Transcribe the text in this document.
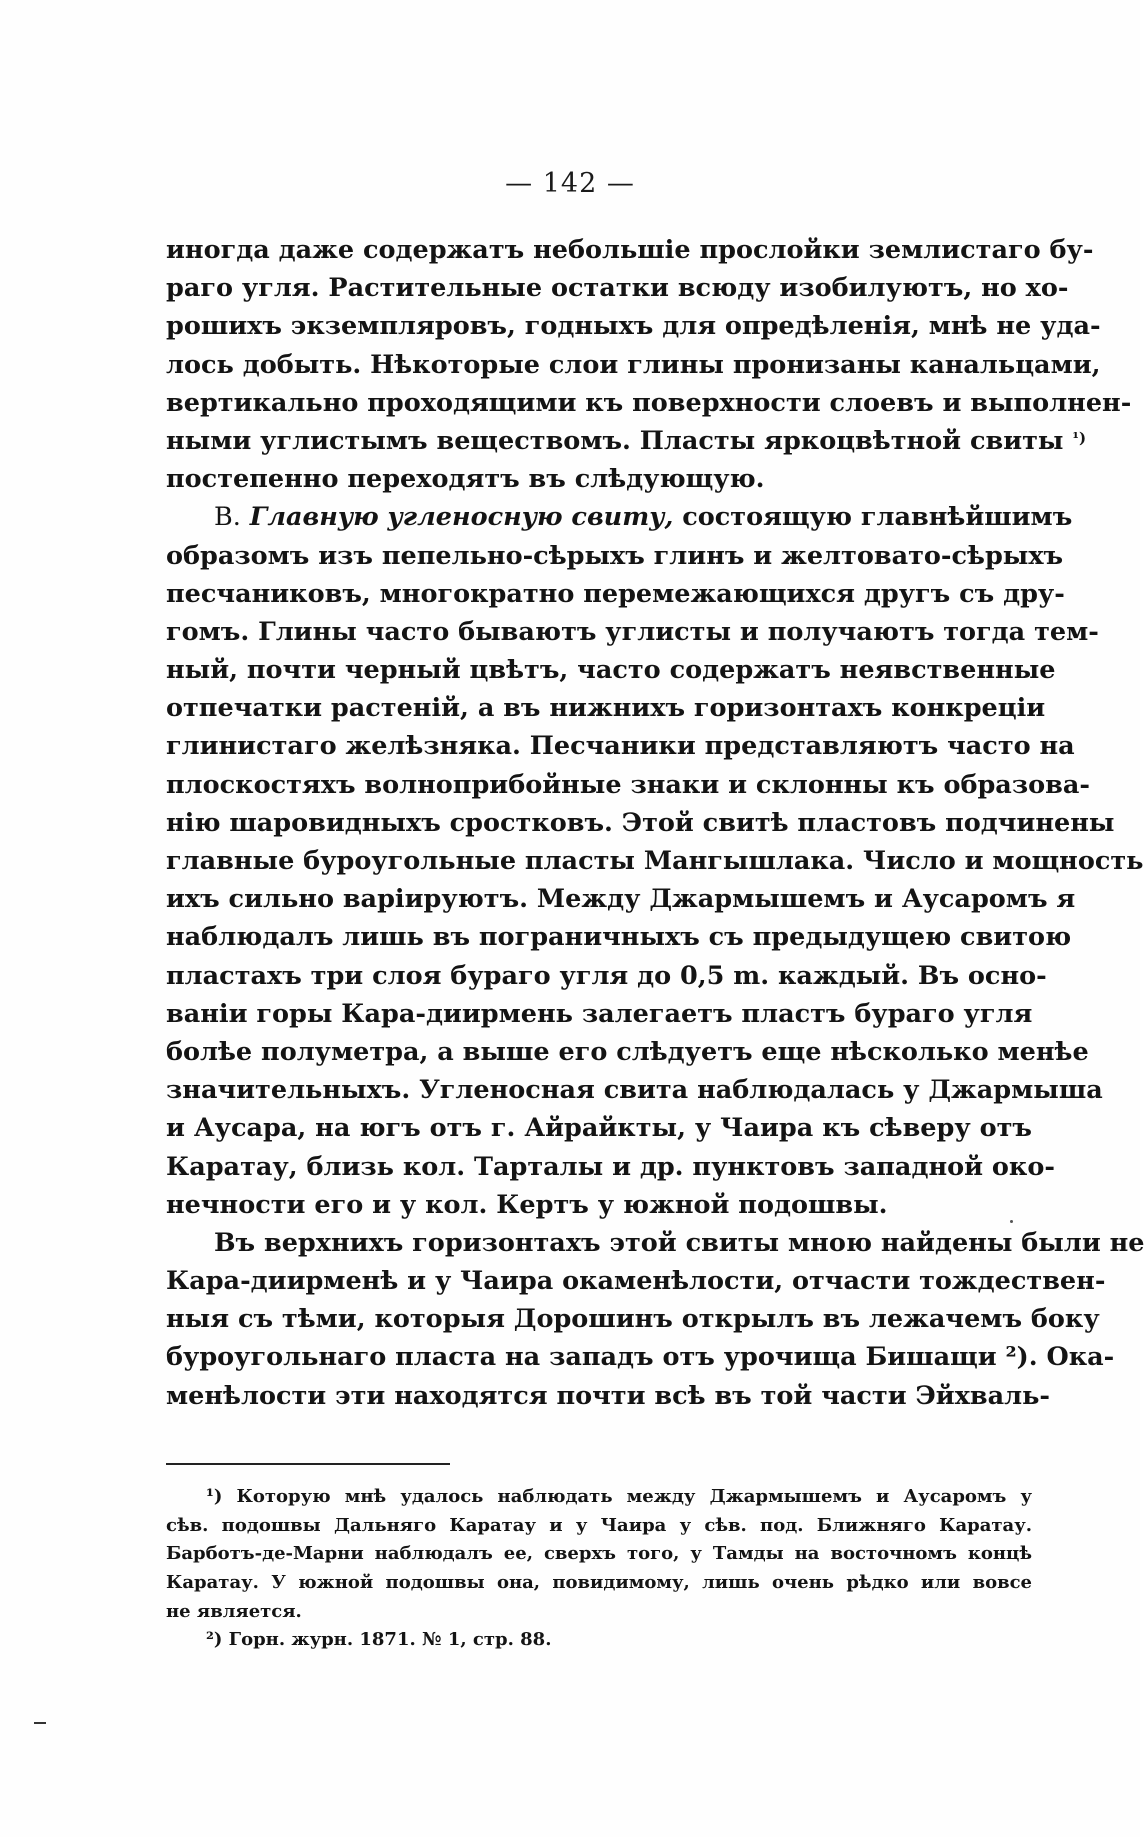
— 142 —
иногда даже содержатъ небольшiе прослойки землистаго бу-
раго угля. Растительные остатки всюду изобилуютъ, но хо-
рошихъ экземпляровъ, годныхъ для опредѣленiя, мнѣ не уда-
лось добыть. Нѣкоторые слои глины пронизаны канальцами,
вертикально проходящими къ поверхности слоевъ и выполнен-
ными углистымъ веществомъ. Пласты яркоцвѣтной свиты $^{^1)}$
постепенно переходятъ въ слѣдующую.
B. Главную угленосную свиту, состоящую главнѣйшимъ
образомъ изъ пепельно-сѣрыхъ глинъ и желтовато-сѣрыхъ
песчаниковъ, многократно перемежающихся другъ съ дру-
гомъ. Глины часто бываютъ углисты и получаютъ тогда тем-
ный, почти черный цвѣтъ, часто содержатъ неявственные
отпечатки растенiй, а въ нижнихъ горизонтахъ конкрецiи
глинистаго желѣзняка. Песчаники представляютъ часто на
плоскостяхъ волноприбойные знаки и склонны къ образова-
нiю шаровидныхъ сростковъ. Этой свитѣ пластовъ подчинены
главные буроугольные пласты Мангышлака. Число и мощность
ихъ сильно варiируютъ. Между Джармышемъ и Аусаромъ я
наблюдалъ лишь въ пограничныхъ съ предыдущею свитою
пластахъ три слоя бураго угля до 0,5 m. каждый. Въ осно-
ванiи горы Кара-диирмень залегаетъ пластъ бураго угля
болѣе полуметра, а выше его слѣдуетъ еще нѣсколько менѣе
значительныхъ. Угленосная свита наблюдалась у Джармыша
и Аусара, на югъ отъ г. Айрайкты, у Чаира къ сѣверу отъ
Каратау, близь кол. Тарталы и др. пунктовъ западной око-
нечности его и у кол. Кертъ у южной подошвы.
Въ верхнихъ горизонтахъ этой свиты мною найдены были не
Кара-диирменѣ и у Чаира окаменѣлости, отчасти тождествен-
ныя съ тѣми, которыя Дорошинъ открылъ въ лежачемъ боку
буроугольнаго пласта на западъ отъ урочища Бишащи ²). Ока-
менѣлости эти находятся почти всѣ въ той части Эйхваль-
¹) Которую мнѣ удалось наблюдать между Джармышемъ и Аусаромъ у
сѣв. подошвы Дальняго Каратау и у Чаира у сѣв. под. Ближняго Каратау.
Барботъ-де-Марни наблюдалъ ее, сверхъ того, у Тамды на восточномъ концѣ
Каратау. У южной подошвы она, повидимому, лишь очень рѣдко или вовсе
не является.
²) Горн. журн. 1871. № 1, стр. 88.
